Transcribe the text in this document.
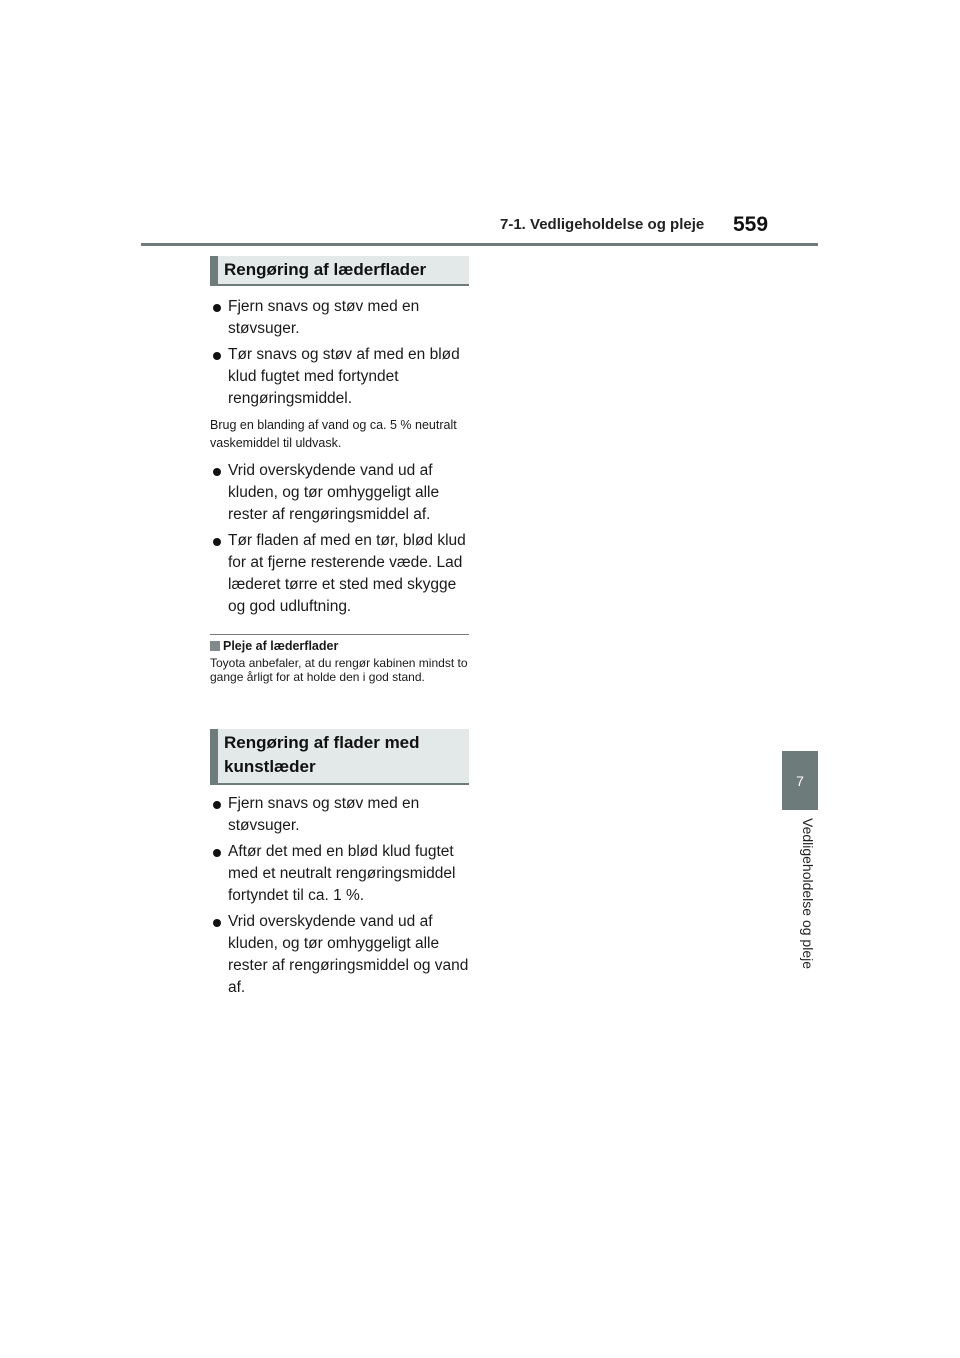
7-1. Vedligeholdelse og pleje 559
7
Vedligeholdelse og pleje
Rengøring af læderflader
Fjern snavs og støv med en støvsuger.
Tør snavs og støv af med en blød klud fugtet med fortyndet rengøringsmiddel.
Brug en blanding af vand og ca. 5 % neutralt vaskemiddel til uldvask.
Vrid overskydende vand ud af kluden, og tør omhyggeligt alle rester af rengøringsmiddel af.
Tør fladen af med en tør, blød klud for at fjerne resterende væde. Lad læderet tørre et sted med skygge og god udluftning.
Pleje af læderflader
Toyota anbefaler, at du rengør kabinen mindst to gange årligt for at holde den i god stand.
Rengøring af flader med kunstlæder
Fjern snavs og støv med en støvsuger.
Aftør det med en blød klud fugtet med et neutralt rengøringsmiddel fortyndet til ca. 1 %.
Vrid overskydende vand ud af kluden, og tør omhyggeligt alle rester af rengøringsmiddel og vand af.
